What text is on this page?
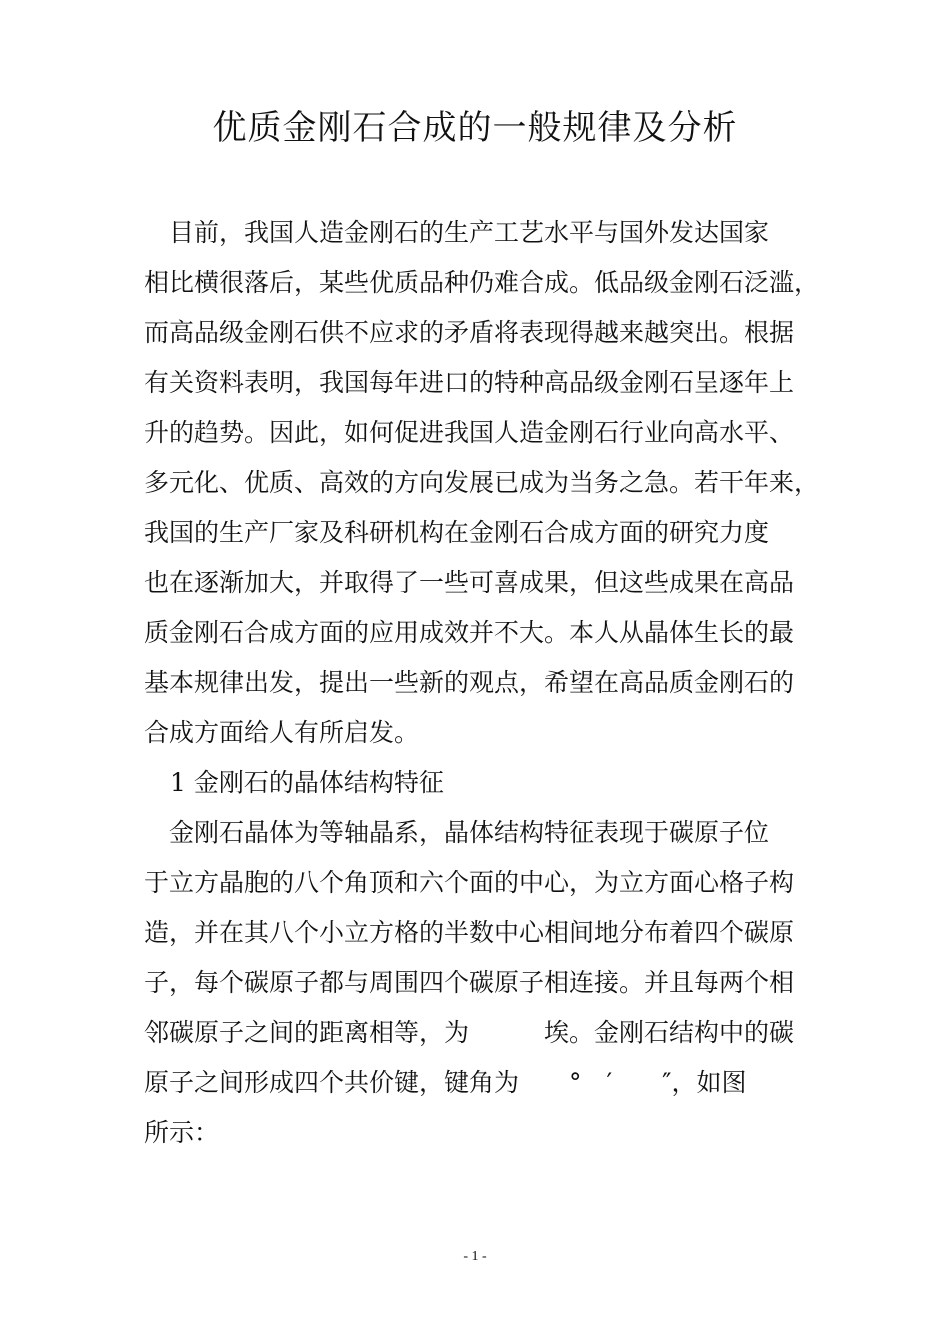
优质金刚石合成的一般规律及分析
　目前，我国人造金刚石的生产工艺水平与国外发达国家
相比横很落后，某些优质品种仍难合成。低品级金刚石泛滥，
而高品级金刚石供不应求的矛盾将表现得越来越突出。根据
有关资料表明，我国每年进口的特种高品级金刚石呈逐年上
升的趋势。因此，如何促进我国人造金刚石行业向高水平、
多元化、优质、高效的方向发展已成为当务之急。若干年来，
我国的生产厂家及科研机构在金刚石合成方面的研究力度
也在逐渐加大，并取得了一些可喜成果，但这些成果在高品
质金刚石合成方面的应用成效并不大。本人从晶体生长的最
基本规律出发，提出一些新的观点，希望在高品质金刚石的
合成方面给人有所启发。
1 金刚石的晶体结构特征
　金刚石晶体为等轴晶系，晶体结构特征表现于碳原子位
于立方晶胞的八个角顶和六个面的中心，为立方面心格子构
造，并在其八个小立方格的半数中心相间地分布着四个碳原
子，每个碳原子都与周围四个碳原子相连接。并且每两个相
邻碳原子之间的距离相等，为　　　埃。金刚石结构中的碳
原子之间形成四个共价键，键角为　　°　′　　″，如图
所示：
- 1 -
